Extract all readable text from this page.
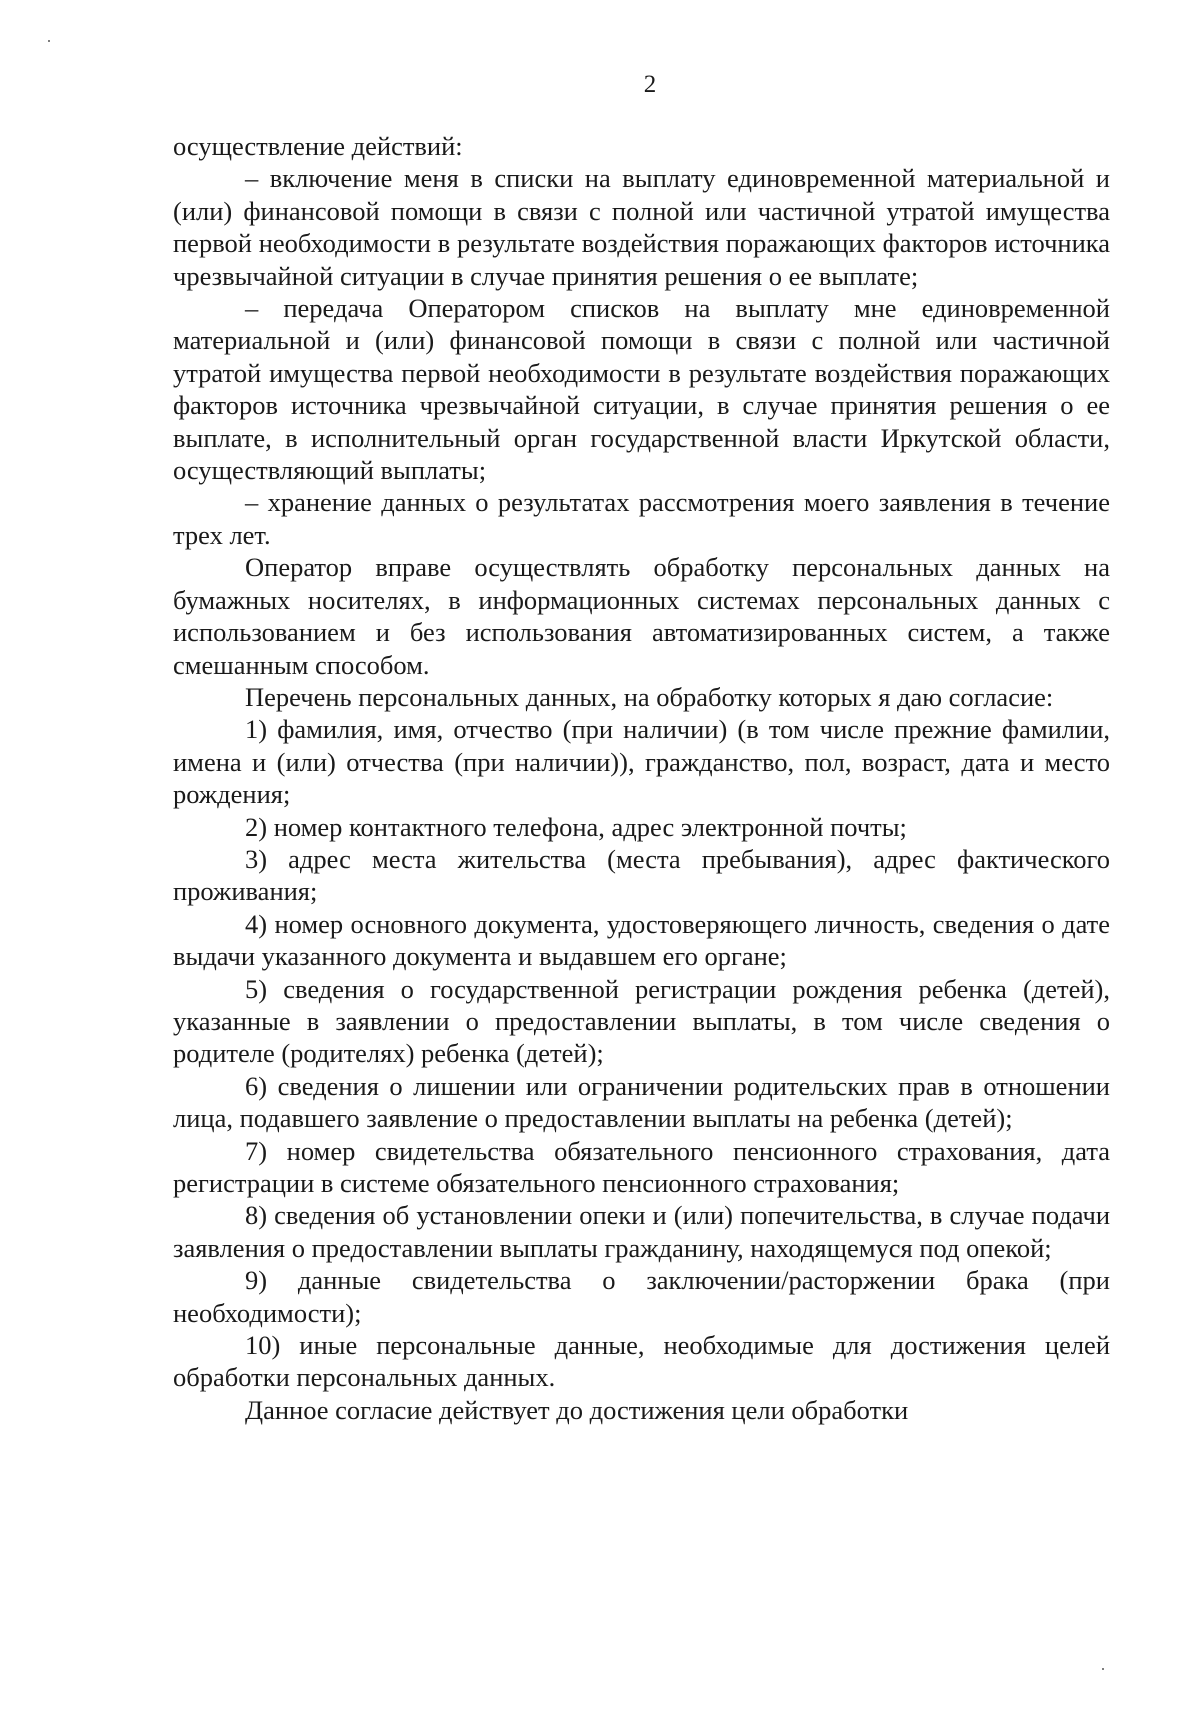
2

осуществление действий:

– включение меня в списки на выплату единовременной материальной и (или) финансовой помощи в связи с полной или частичной утратой имущества первой необходимости в результате воздействия поражающих факторов источника чрезвычайной ситуации в случае принятия решения о ее выплате;

– передача Оператором списков на выплату мне единовременной материальной и (или) финансовой помощи в связи с полной или частичной утратой имущества первой необходимости в результате воздействия поражающих факторов источника чрезвычайной ситуации, в случае принятия решения о ее выплате, в исполнительный орган государственной власти Иркутской области, осуществляющий выплаты;

– хранение данных о результатах рассмотрения моего заявления в течение трех лет.

Оператор вправе осуществлять обработку персональных данных на бумажных носителях, в информационных системах персональных данных с использованием и без использования автоматизированных систем, а также смешанным способом.

Перечень персональных данных, на обработку которых я даю согласие:

1) фамилия, имя, отчество (при наличии) (в том числе прежние фамилии, имена и (или) отчества (при наличии)), гражданство, пол, возраст, дата и место рождения;

2) номер контактного телефона, адрес электронной почты;

3) адрес места жительства (места пребывания), адрес фактического проживания;

4) номер основного документа, удостоверяющего личность, сведения о дате выдачи указанного документа и выдавшем его органе;

5) сведения о государственной регистрации рождения ребенка (детей), указанные в заявлении о предоставлении выплаты, в том числе сведения о родителе (родителях) ребенка (детей);

6) сведения о лишении или ограничении родительских прав в отношении лица, подавшего заявление о предоставлении выплаты на ребенка (детей);

7) номер свидетельства обязательного пенсионного страхования, дата регистрации в системе обязательного пенсионного страхования;

8) сведения об установлении опеки и (или) попечительства, в случае подачи заявления о предоставлении выплаты гражданину, находящемуся под опекой;

9) данные свидетельства о заключении/расторжении брака (при необходимости);

10) иные персональные данные, необходимые для достижения целей обработки персональных данных.

Данное согласие действует до достижения цели обработки
